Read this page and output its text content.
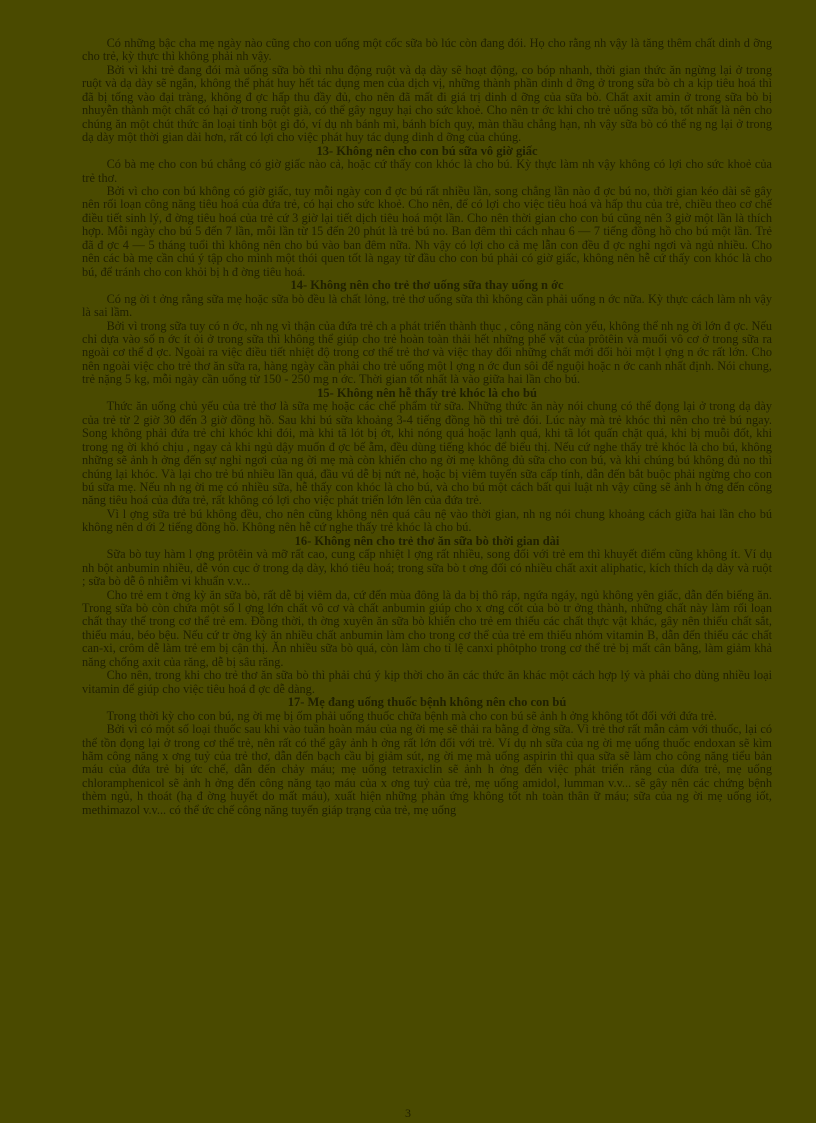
Có những bậc cha mẹ ngày nào cũng cho con uống một cốc sữa bò lúc còn đang đói. Họ cho rằng nh vậy là tăng thêm chất dinh d ỡng cho trẻ, kỳ thực thì không phải nh vậy.

Bởi vì khi trẻ đang đói mà uống sữa bò thì nhu động ruột và dạ dày sẽ hoạt động, co bóp nhanh, thời gian thức ăn ngừng lại ở trong ruột và dạ dày sẽ ngắn, không thể phát huy hết tác dụng men của dịch vị, những thành phần dinh d ỡng ở trong sữa bò ch a kịp tiêu hoá thì đã bị tống vào đại tràng, không đ ợc hấp thu đầy đủ, cho nên đã mất đi giá trị dinh d ỡng của sữa bò. Chất axit amin ở trong sữa bò bị nhuyễn thành một chất có hại ở trong ruột già, có thể gây nguy hại cho sức khoẻ. Cho nên tr ớc khi cho trẻ uống sữa bò, tốt nhất là nên cho chúng ăn một chút thức ăn loại tinh bột gì đó, ví dụ nh bánh mì, bánh bích quy, màn thầu chẳng hạn, nh vậy sữa bò có thể ng ng lại ở trong dạ dày một thời gian dài hơn, rất có lợi cho việc phát huy tác dụng dinh d ỡng của chúng.

13- Không nên cho con bú sữa vô giờ giấc

Có bà mẹ cho con bú chẳng có giờ giấc nào cả, hoặc cứ thấy con khóc là cho bú. Kỳ thực làm nh vậy không có lợi cho sức khoẻ của trẻ thơ.

Bởi vì cho con bú không có giờ giấc, tuy mỗi ngày con đ ợc bú rất nhiều lần, song chẳng lần nào đ ợc bú no, thời gian kéo dài sẽ gây nên rối loạn công năng tiêu hoá của đứa trẻ, có hại cho sức khoẻ. Cho nên, để có lợi cho việc tiêu hoá và hấp thu của trẻ, chiều theo cơ chế điều tiết sinh lý, đ ờng tiêu hoá của trẻ cứ 3 giờ lại tiết dịch tiêu hoá một lần. Cho nên thời gian cho con bú cũng nên 3 giờ một lần là thích hợp. Mỗi ngày cho bú 5 đến 7 lần, mỗi lần từ 15 đến 20 phút là trẻ bú no. Ban đêm thì cách nhau 6 — 7 tiếng đồng hồ cho bú một lần. Trẻ đã đ ợc 4 — 5 tháng tuổi thì không nên cho bú vào ban đêm nữa. Nh vậy có lợi cho cả mẹ lẫn con đều đ ợc nghỉ ngơi và ngủ nhiều. Cho nên các bà mẹ cần chú ý tập cho mình một thói quen tốt là ngay từ đầu cho con bú phải có giờ giấc, không nên hễ cứ thấy con khóc là cho bú, để tránh cho con khỏi bị h đ ờng tiêu hoá.

14- Không nên cho trẻ thơ uống sữa thay uống n ớc

Có ng ời t ởng rằng sữa mẹ hoặc sữa bò đều là chất lỏng, trẻ thơ uống sữa thì không cần phải uống n ớc nữa. Kỳ thực cách làm nh vậy là sai lầm.

Bởi vì trong sữa tuy có n ớc, nh ng vì thận của đứa trẻ ch a phát triển thành thục , công năng còn yếu, không thể nh ng ời lớn đ ợc. Nếu chỉ dựa vào số n ớc ít ỏi ở trong sữa thì không thể giúp cho trẻ hoàn toàn thải hết những phế vật của prôtêin và muối vô cơ ở trong sữa ra ngoài cơ thể đ ợc. Ngoài ra việc điều tiết nhiệt độ trong cơ thể trẻ thơ và việc thay đổi những chất mới đối hỏi một l ợng n ớc rất lớn. Cho nên ngoài việc cho trẻ thơ ăn sữa ra, hàng ngày cần phải cho trẻ uống một l ợng n ớc đun sôi để nguội hoặc n ớc canh nhất định. Nói chung, trẻ nặng 5 kg, mỗi ngày cần uống từ 150 - 250 mg n ớc. Thời gian tốt nhất là vào giữa hai lần cho bú.

15- Không nên hễ thấy trẻ khóc là cho bú

Thức ăn uống chủ yếu của trẻ thơ là sữa mẹ hoặc các chế phẩm từ sữa. Những thức ăn này nói chung có thể đọng lại ở trong dạ dày của trẻ từ 2 giờ 30 đến 3 giờ đồng hồ. Sau khi bú sữa khoảng 3-4 tiếng đồng hồ thì trẻ đói. Lúc này mà trẻ khóc thì nên cho trẻ bú ngay. Song không phải đứa trẻ chỉ khóc khi đói, mà khi tã lót bị ớt, khi nóng quá hoặc lạnh quá, khi tã lót quấn chặt quá, khi bị muỗi đốt, khi trong ng ời khó chịu , ngay cả khi ngủ dậy muốn đ ợc bế ẵm, đều dùng tiếng khóc để biểu thị. Nếu cứ nghe thấy trẻ khóc là cho bú, không những sẽ ảnh h ởng đến sự nghỉ ngơi của ng ời mẹ mà còn khiến cho ng ời mẹ không đủ sữa cho con bú, và khi chúng bú không đủ no thì chúng lại khóc. Và lại cho trẻ bú nhiều lần quá, đầu vú dễ bị nứt nẻ, hoặc bị viêm tuyến sữa cấp tính, dẫn đến bắt buộc phải ngừng cho con bú sữa mẹ. Nếu nh ng ời mẹ có nhiều sữa, hễ thấy con khóc là cho bú, và cho bú một cách bất qui luật nh vậy cũng sẽ ảnh h ởng đến công năng tiêu hoá của đứa trẻ, rất không có lợi cho việc phát triển lớn lên của đứa trẻ.

Vì l ợng sữa trẻ bú không đều, cho nên cũng không nên quá câu nệ vào thời gian, nh ng nói chung khoảng cách giữa hai lần cho bú không nên d ới 2 tiếng đồng hồ. Không nên hễ cứ nghe thấy trẻ khóc là cho bú.

16- Không nên cho trẻ thơ ăn sữa bò thời gian dài

Sữa bò tuy hàm l ợng prôtêin và mỡ rất cao, cung cấp nhiệt l ợng rất nhiều, song đối với trẻ em thì khuyết điểm cũng không ít. Ví dụ nh bột anbumin nhiều, dễ vón cục ở trong dạ dày, khó tiêu hoá; trong sữa bò t ơng đối có nhiều chất axit aliphatic, kích thích dạ dày và ruột ; sữa bò dễ ô nhiễm vi khuẩn v.v...

Cho trẻ em t ờng kỳ ăn sữa bò, rất dễ bị viêm da, cứ đến mùa đông là da bị thô ráp, ngứa ngáy, ngủ không yên giấc, dẫn đến biếng ăn. Trong sữa bò còn chứa một số l ợng lớn chất vô cơ và chất anbumin giúp cho x ơng cốt của bò tr ởng thành, những chất này làm rối loạn chất thay thế trong cơ thể trẻ em. Đồng thời, th ờng xuyên ăn sữa bò khiến cho trẻ em thiếu các chất thực vật khác, gây nên thiếu chất sắt, thiếu máu, béo bệu. Nếu cứ tr ờng kỳ ăn nhiều chất anbumin làm cho trong cơ thể của trẻ em thiếu nhóm vitamin B, dẫn đến thiếu các chất can-xi, crôm dễ làm trẻ em bị cận thị. Ăn nhiều sữa bò quá, còn làm cho tỉ lệ canxi phôtpho trong cơ thể trẻ bị mất cân bằng, làm giảm khả năng chống axit của răng, dễ bị sâu răng.

Cho nên, trong khi cho trẻ thơ ăn sữa bò thì phải chú ý kịp thời cho ăn các thức ăn khác một cách hợp lý và phải cho dùng nhiều loại vitamin để giúp cho việc tiêu hoá đ ợc dễ dàng.

17- Mẹ đang uống thuốc bệnh không nên cho con bú

Trong thời kỳ cho con bú, ng ời mẹ bị ốm phải uống thuốc chữa bệnh mà cho con bú sẽ ảnh h ởng không tốt đối với đứa trẻ.

Bởi vì có một số loại thuốc sau khi vào tuần hoàn máu của ng ời mẹ sẽ thải ra bằng đ ờng sữa. Vì trẻ thơ rất mẫn cảm với thuốc, lại có thể tồn đọng lại ở trong cơ thể trẻ, nên rất có thể gây ảnh h ởng rất lớn đối với trẻ. Ví dụ nh sữa của ng ời mẹ uống thuốc endoxan sẽ kìm hãm công năng x ơng tuỷ của trẻ thơ, dẫn đến bạch cầu bị giảm sút, ng ời mẹ mà uống aspirin thì qua sữa sẽ làm cho công năng tiểu bản máu của đứa trẻ bị ức chế, dẫn đến chảy máu; mẹ uống tetraxiclin sẽ ảnh h ởng đến việc phát triển răng của đứa trẻ, mẹ uống chloramphenicol sẽ ảnh h ởng đến công năng tạo máu của x ơng tuỷ của trẻ, mẹ uống amidol, lumman v.v... sẽ gây nên các chứng bệnh thèm ngủ, h thoát (hạ đ ờng huyết do mất máu), xuất hiện những phản ứng không tốt nh toàn thân ữ máu; sữa của ng ời mẹ uống iốt, methimazol v.v... có thể ức chế công năng tuyến giáp trạng của trẻ, mẹ uống

3
